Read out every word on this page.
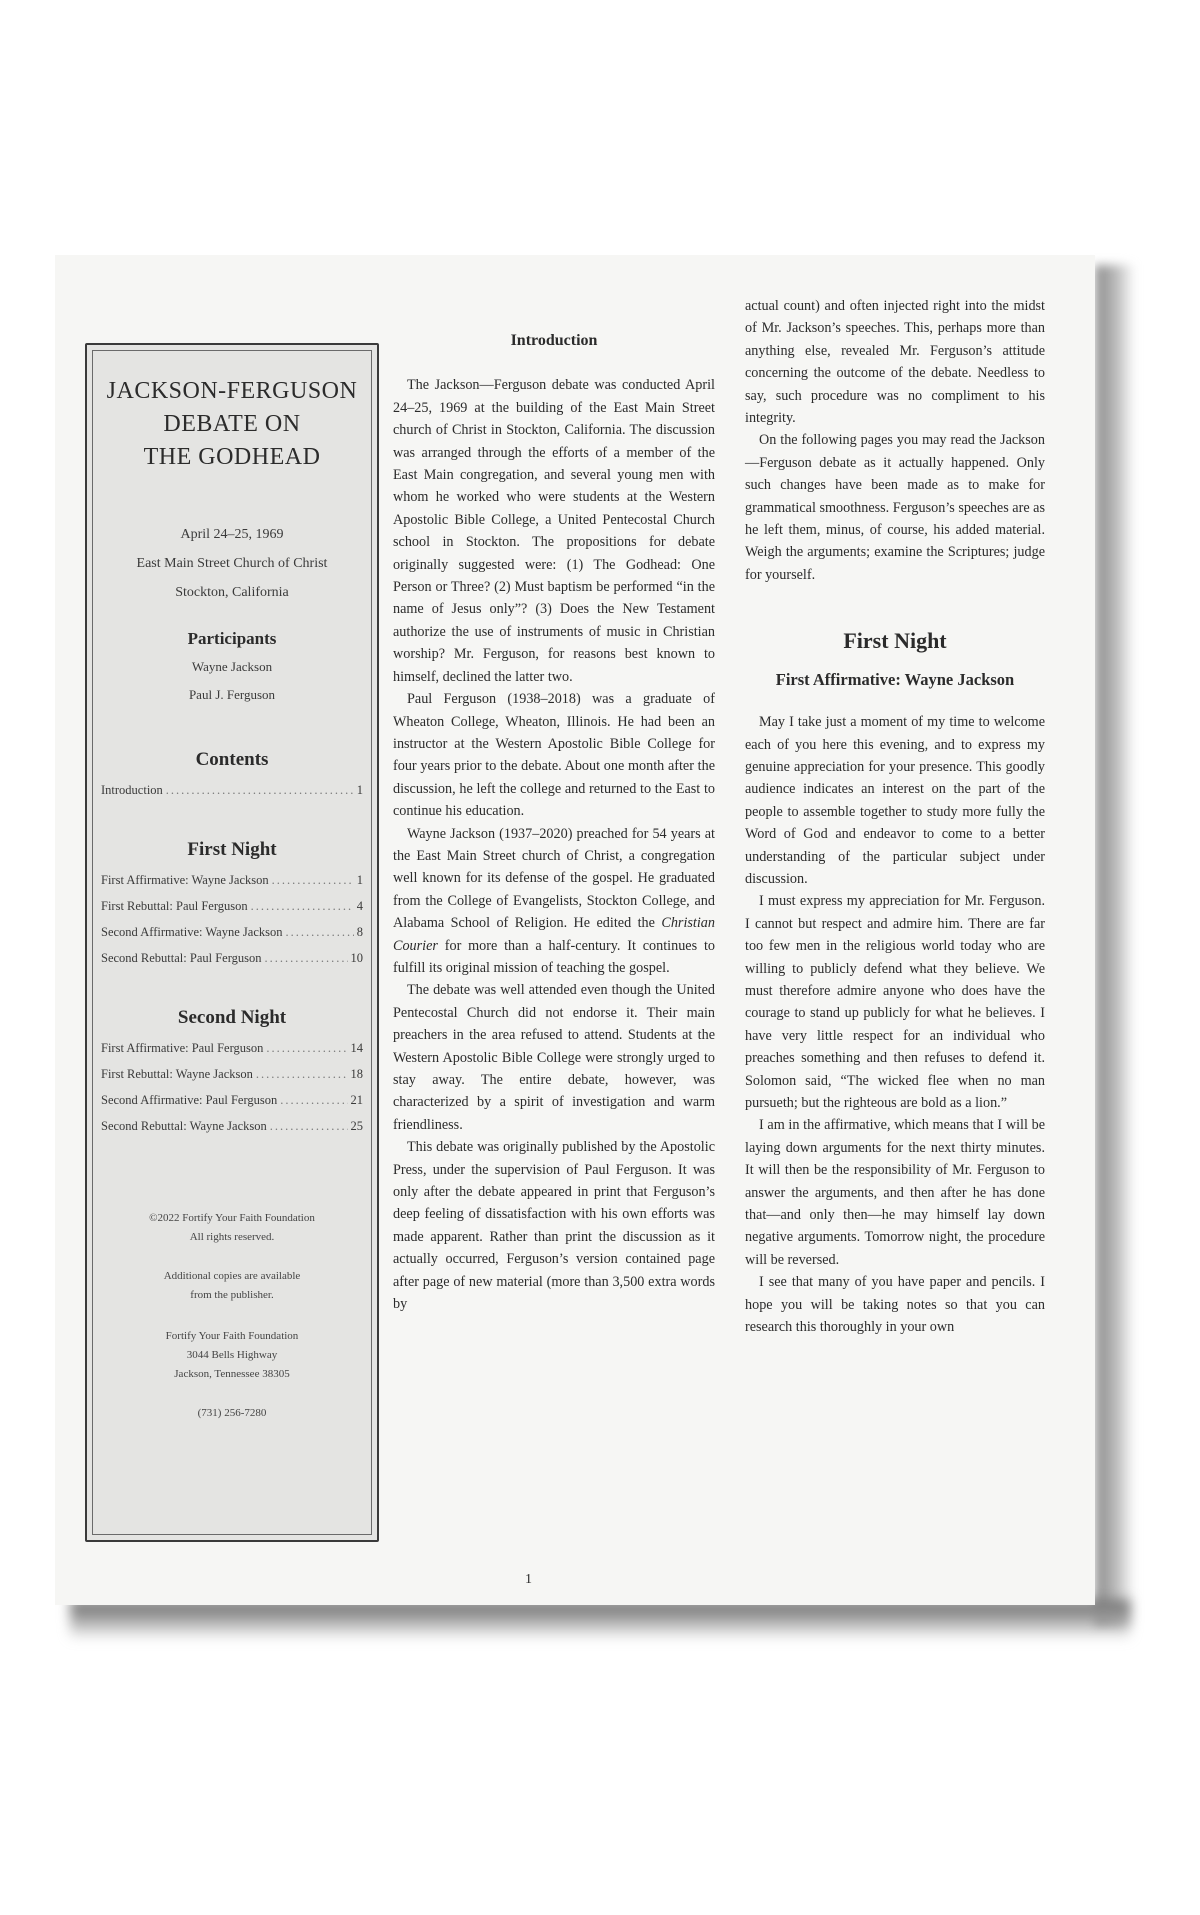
JACKSON-FERGUSON
DEBATE ON
THE GODHEAD
April 24–25, 1969
East Main Street Church of Christ
Stockton, California
Participants
Wayne Jackson
Paul J. Ferguson
Contents
Introduction .....	1
First Night
First Affirmative: Wayne Jackson .....	1
First Rebuttal: Paul Ferguson .....	4
Second Affirmative: Wayne Jackson .....	8
Second Rebuttal: Paul Ferguson .....	10
Second Night
First Affirmative: Paul Ferguson .....	14
First Rebuttal: Wayne Jackson .....	18
Second Affirmative: Paul Ferguson .....	21
Second Rebuttal: Wayne Jackson .....	25
©2022 Fortify Your Faith Foundation
All rights reserved.
Additional copies are available
from the publisher.
Fortify Your Faith Foundation
3044 Bells Highway
Jackson, Tennessee 38305
(731) 256-7280
Introduction

The Jackson—Ferguson debate was conducted April 24–25, 1969 at the building of the East Main Street church of Christ in Stockton, California. The discussion was arranged through the efforts of a member of the East Main congregation, and several young men with whom he worked who were students at the Western Apostolic Bible College, a United Pentecostal Church school in Stockton. The propositions for debate originally suggested were: (1) The Godhead: One Person or Three? (2) Must baptism be performed “in the name of Jesus only”? (3) Does the New Testament authorize the use of instruments of music in Christian worship? Mr. Ferguson, for reasons best known to himself, declined the latter two.

Paul Ferguson (1938–2018) was a graduate of Wheaton College, Wheaton, Illinois. He had been an instructor at the Western Apostolic Bible College for four years prior to the debate. About one month after the discussion, he left the college and returned to the East to continue his education.

Wayne Jackson (1937–2020) preached for 54 years at the East Main Street church of Christ, a congregation well known for its defense of the gospel. He graduated from the College of Evangelists, Stockton College, and Alabama School of Religion. He edited the Christian Courier for more than a half-century. It continues to fulfill its original mission of teaching the gospel.

The debate was well attended even though the United Pentecostal Church did not endorse it. Their main preachers in the area refused to attend. Students at the Western Apostolic Bible College were strongly urged to stay away. The entire debate, however, was characterized by a spirit of investigation and warm friendliness.

This debate was originally published by the Apostolic Press, under the supervision of Paul Ferguson. It was only after the debate appeared in print that Ferguson’s deep feeling of dissatisfaction with his own efforts was made apparent. Rather than print the discussion as it actually occurred, Ferguson’s version contained page after page of new material (more than 3,500 extra words by

actual count) and often injected right into the midst of Mr. Jackson’s speeches. This, perhaps more than anything else, revealed Mr. Ferguson’s attitude concerning the outcome of the debate. Needless to say, such procedure was no compliment to his integrity.

On the following pages you may read the Jackson—Ferguson debate as it actually happened. Only such changes have been made as to make for grammatical smoothness. Ferguson’s speeches are as he left them, minus, of course, his added material. Weigh the arguments; examine the Scriptures; judge for yourself.

First Night
First Affirmative: Wayne Jackson

May I take just a moment of my time to welcome each of you here this evening, and to express my genuine appreciation for your presence. This goodly audience indicates an interest on the part of the people to assemble together to study more fully the Word of God and endeavor to come to a better understanding of the particular subject under discussion.

I must express my appreciation for Mr. Ferguson. I cannot but respect and admire him. There are far too few men in the religious world today who are willing to publicly defend what they believe. We must therefore admire anyone who does have the courage to stand up publicly for what he believes. I have very little respect for an individual who preaches something and then refuses to defend it. Solomon said, “The wicked flee when no man pursueth; but the righteous are bold as a lion.”

I am in the affirmative, which means that I will be laying down arguments for the next thirty minutes. It will then be the responsibility of Mr. Ferguson to answer the arguments, and then after he has done that—and only then—he may himself lay down negative arguments. Tomorrow night, the procedure will be reversed.

I see that many of you have paper and pencils. I hope you will be taking notes so that you can research this thoroughly in your own

1
